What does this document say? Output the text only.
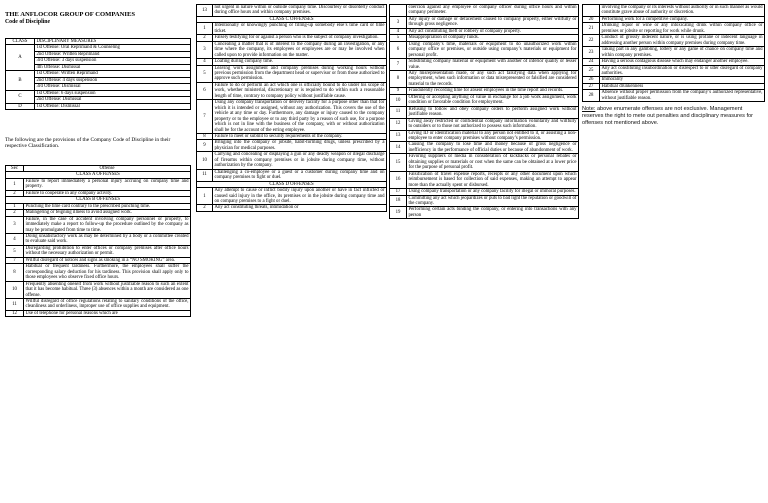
THE ANFLOCOR GROUP OF COMPANIES
Code of Discipline
CLASS	DISCIPLINARY MEASURES
A	1st Offense: Oral Reprimand & Counseling
	2nd Offense: Written Reprimand
	3rd Offense: 3 days suspension
	4th Offense: Dismissal
B	1st Offense: Written Reprimand
	2nd Offense: 4 days suspension
	3rd Offense: Dismissal
C	1st Offense: 6 days suspension
	2nd Offense: Dismissal
D	1st Offense: Dismissal
The following are the provisions of the Company Code of Discipline in their respective Classification.
Sec	Offense
CLASS A OFFENSES	
1	Failure to report immediately a personal injury accruing on company time and property.
2	Failure to cooperate in any company activity.
CLASS B OFFENSES	
1	Punching the time card contrary to the prescribed punching time.
2	Malingering or feigning illness to avoid assigned work.
3	Failure, in the case of accident involving company personnel or property, to immediately make a report to follow-up the procedure outlined by the company as may be promulgated from time to time.
4	Doing unsatisfactory work as may be determined by a body or a committee created to evaluate said work.
5	Disregarding prohibition to enter offices or company premises after office hours without the necessary authorization or permit.
7	Willful disregard of notices and signs as smoking in a “NO SMOKING” area.
8	Habitual or frequent tardiness. Furthermore, the employees shall suffer the corresponding salary deduction for his tardiness. This provision shall apply only to those employees who observe fixed office hours.
10	Frequently absenting oneself from work without justifiable reason to such an extent that it has become habitual. Three (3) absences within a month are considered as one offense.
11	Willful disregard of office regulations relating to sanitary conditions of the office, cleanliness and orderliness, improper use of office supplies and equipment.
12	Use of telephone for personal reasons which are
13	not urgent in nature within or outside company time. Discourtesy or disorderly conduct during office hours and within company premises.
CLASS C OFFENSES	
1	Intentionally or knowingly punching or filling-up somebody else’s time card or time ticket.
2	Falsely testifying for or against a person who is the subject of company investigation.
3	Concealing a matter that is of interest to the company during an investigation, or any time where the company, its employees or employees are or may be involved when called upon to provide information on the matter.
4	Loafing during company time.
5	Leaving work assignment and company premises during working hours without previous permission from the department head or supervisor or from those authorized to approve such permission.
6	Failure to do or perform an act which one is officially bound to do under his scope of work, whether ministerial, discretionary or is required to do within such a reasonable length of time, contrary to company policy without justifiable cause.
7	Using any company transportation or delivery facility for a purpose other than that for which it is intended or assigned, without any authorization. This covers the use of the vehicle at any time or day. Furthermore, any damage or injury caused to the company property or to the employee or to any third party by a reason of such use, for a purpose which is not in line with the business of the company, with or without authorization shall be for the account of the erring employee.
8	Failure to meet or submit to security requirements of the company.
9	Bringing into the company or jobsite, habit-forming drugs, unless prescribed by a physician for medical purposes.
10	Carrying and concealing or displaying a gun or any deadly weapon or illegal discharge of firearms within company premises or in jobsite during company time, without authorization by the company.
11	Challenging a co-employee or a guest or a customer during company time and on company premises to fight or duel.
CLASS D OFFENSES	
1	Any attempt to cause or inflict bodily injury upon another or have in fact inflicted or caused said injury in the office, its premises or in the jobsite during company time and on company premises to a fight or duel.
2	Any act constituting threats, intimidation or
	coercion against any employee or company officer during office hours and within company perimeter.
3	Any injury or damage or defacement caused to company property, either willfully or through gross negligence.
4	Any act constituting theft or robbery of company property.
5	Misappropriation of company funds.
6	Using company’s time, materials or equipment to do unauthorized work within company office or premises, or outside using company’s materials or equipment for personal profit.
7	Substituting company material or equipment with another of inferior quality or lesser value.
8	Any misrepresentation made, or any such act falsifying data when applying for employment, when such information or data misrepresented or falsified are considered material to the records.
9	Fraudulently recording time for absent employees in the time report and records.
10	Offering or accepting anything of value in exchange for a job work assignment, work condition or favorable condition for employment.
11	Refusing to follow and obey company orders to perform assigned work without justifiable reason.
12	Giving away restricted or confidential company information voluntarily and willfully to outsiders or to those not authorized to possess such information.
13	Giving ID or identification material to any person not entitled to it, or assisting a non-employee to enter company premises without company’s permission.
14	Causing the company to lose time and money because of gross negligence or inefficiency in the performance of official duties or because of abandonment of work.
15	Favoring suppliers or media in consideration of kickbacks or personal rebates or obtaining supplies or materials or cost when the same can be obtained at a lower price for the purpose of personal profit.
16	Falsification of travel expense reports, receipts or any other document upon which reimbursement is based for collection of said expenses, making an attempt to appear more than the actually spent or disbursed.
17	Using company transportation or any company facility for illegal or immoral purposes.
18	Committing any act which jeopardizes or puts to bad light the reputation or goodwill of the company.
19	Performing certain acts binding the company, or entering into transactions with any person
	involving the company or its interests without authority or in such manner as would constitute grave abuse of authority or discretion.
20	Performing work for a competitive company.
21	Drinking liquor or wine or any intoxicating drink within company office or premises or jobsite or reporting for work while drunk.
22	Conduct of grossly indecent nature, or is using profane or indecent language in addressing another person within company premises during company time.
23	Taking part in any gambling, lottery or any game of chance on company time and within company premises.
24	Having a serious contagious disease which may endanger another employee.
25	Any act constituting insubordination or disrespect to or utter disregard of company authorities.
26	Immorality
27	Habitual drunkenness
28	Absence without proper permission from the company’s authorized representative, without justifiable reason.
Note: above enumerate offenses are not exclusive. Management reserves the right to mete out penalties and disciplinary measures for offenses not mentioned above.
